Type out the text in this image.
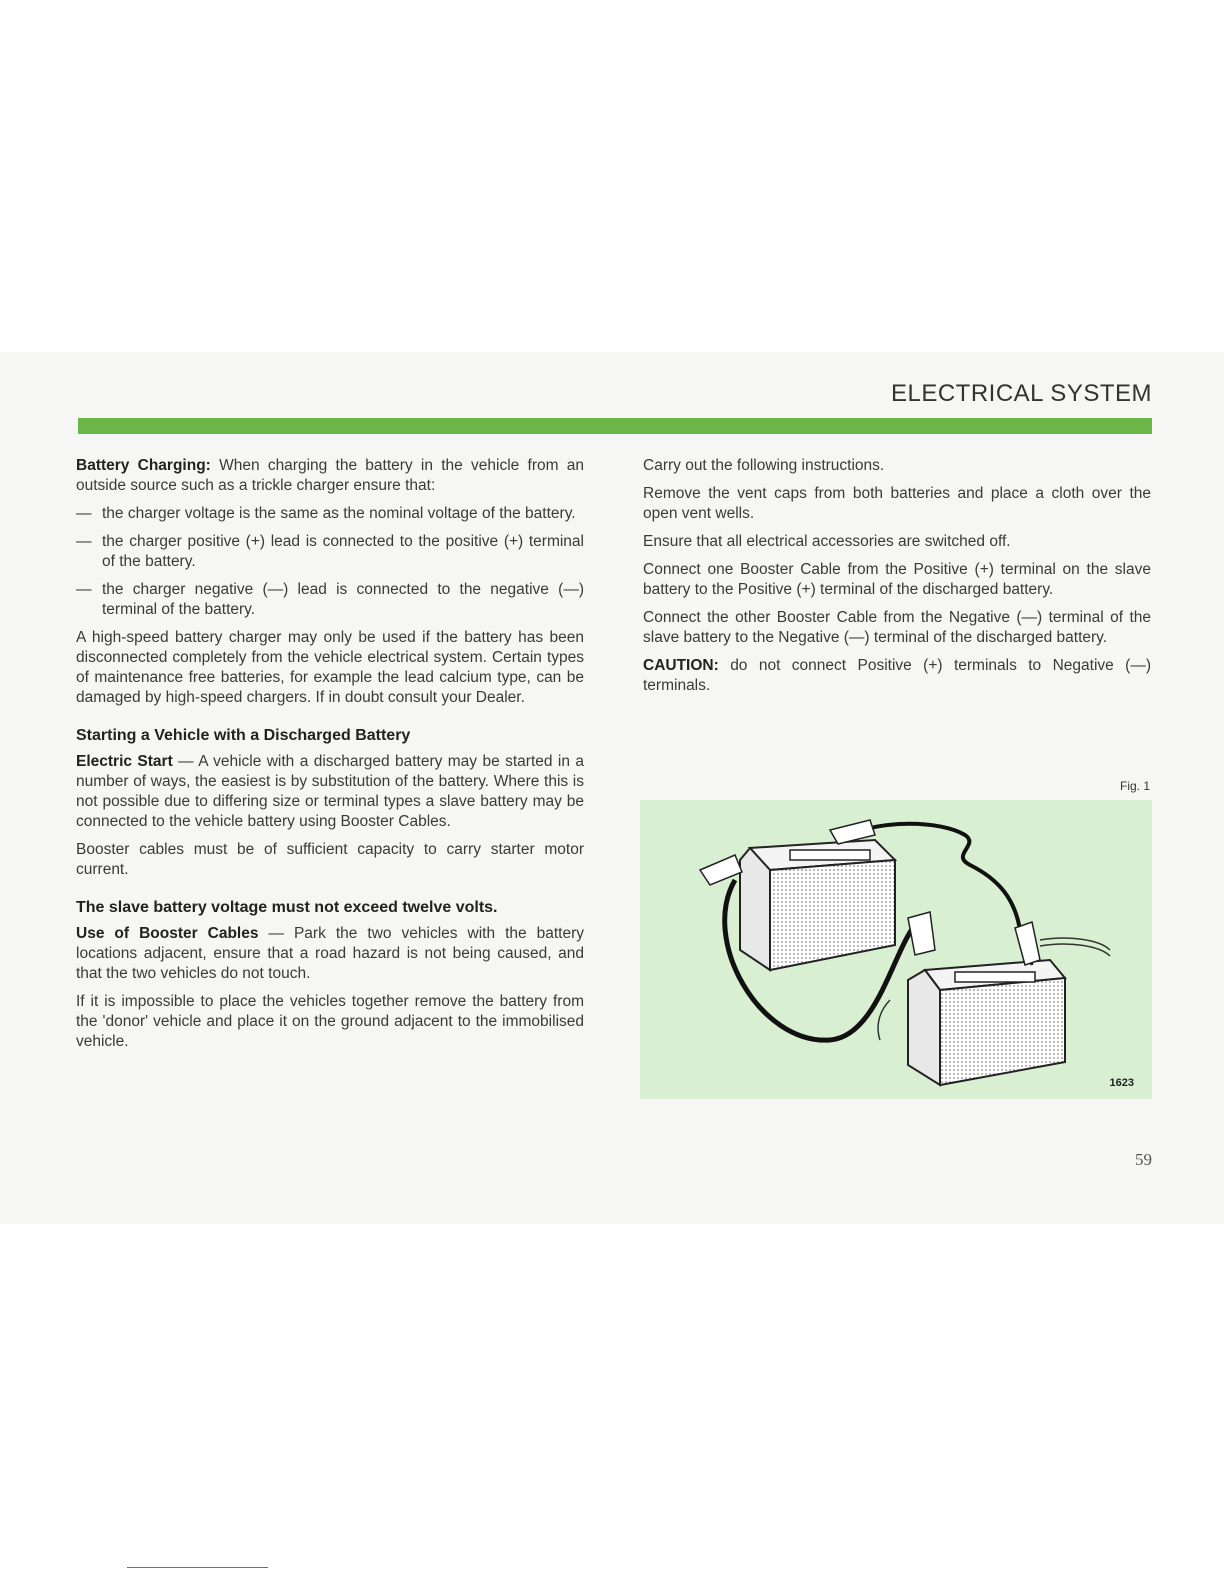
ELECTRICAL SYSTEM

Battery Charging: When charging the battery in the vehicle from an outside source such as a trickle charger ensure that:

— the charger voltage is the same as the nominal voltage of the battery.

— the charger positive (+) lead is connected to the positive (+) terminal of the battery.

— the charger negative (—) lead is connected to the negative (—) terminal of the battery.

A high-speed battery charger may only be used if the battery has been disconnected completely from the vehicle electrical system. Certain types of maintenance free batteries, for example the lead calcium type, can be damaged by high-speed chargers. If in doubt consult your Dealer.

Starting a Vehicle with a Discharged Battery

Electric Start — A vehicle with a discharged battery may be started in a number of ways, the easiest is by substitution of the battery. Where this is not possible due to differing size or terminal types a slave battery may be connected to the vehicle battery using Booster Cables.

Booster cables must be of sufficient capacity to carry starter motor current.

The slave battery voltage must not exceed twelve volts.

Use of Booster Cables — Park the two vehicles with the battery locations adjacent, ensure that a road hazard is not being caused, and that the two vehicles do not touch.

If it is impossible to place the vehicles together remove the battery from the 'donor' vehicle and place it on the ground adjacent to the immobilised vehicle.

Carry out the following instructions.

Remove the vent caps from both batteries and place a cloth over the open vent wells.

Ensure that all electrical accessories are switched off.

Connect one Booster Cable from the Positive (+) terminal on the slave battery to the Positive (+) terminal of the discharged battery.

Connect the other Booster Cable from the Negative (—) terminal of the slave battery to the Negative (—) terminal of the discharged battery.

CAUTION: do not connect Positive (+) terminals to Negative (—) terminals.

Fig. 1
1623
59
